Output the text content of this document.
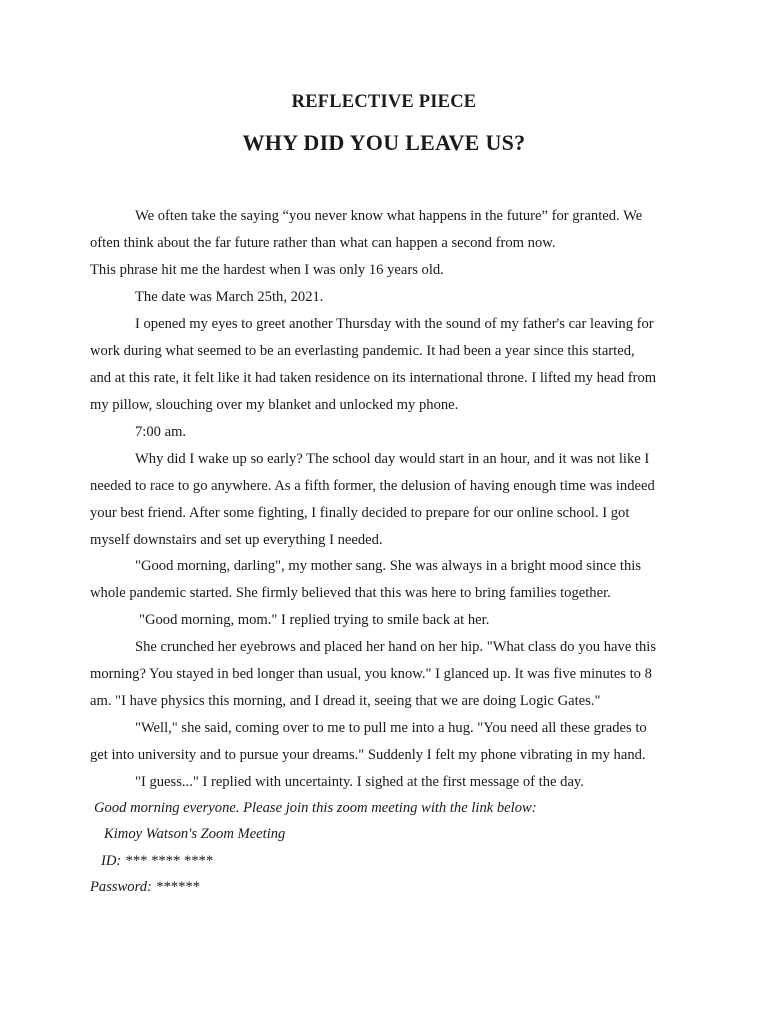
REFLECTIVE PIECE
WHY DID YOU LEAVE US?
We often take the saying “you never know what happens in the future” for granted. We
often think about the far future rather than what can happen a second from now.
This phrase hit me the hardest when I was only 16 years old.
The date was March 25th, 2021.
I opened my eyes to greet another Thursday with the sound of my father's car leaving for
work during what seemed to be an everlasting pandemic. It had been a year since this started,
and at this rate, it felt like it had taken residence on its international throne. I lifted my head from
my pillow, slouching over my blanket and unlocked my phone.
7:00 am.
Why did I wake up so early? The school day would start in an hour, and it was not like I
needed to race to go anywhere. As a fifth former, the delusion of having enough time was indeed
your best friend. After some fighting, I finally decided to prepare for our online school. I got
myself downstairs and set up everything I needed.
"Good morning, darling", my mother sang. She was always in a bright mood since this
whole pandemic started. She firmly believed that this was here to bring families together.
"Good morning, mom." I replied trying to smile back at her.
She crunched her eyebrows and placed her hand on her hip. "What class do you have this
morning? You stayed in bed longer than usual, you know." I glanced up. It was five minutes to 8
am. "I have physics this morning, and I dread it, seeing that we are doing Logic Gates."
"Well," she said, coming over to me to pull me into a hug. "You need all these grades to
get into university and to pursue your dreams." Suddenly I felt my phone vibrating in my hand.
"I guess..." I replied with uncertainty. I sighed at the first message of the day.
Good morning everyone. Please join this zoom meeting with the link below:
Kimoy Watson's Zoom Meeting
ID: *** **** ****
Password: ******
